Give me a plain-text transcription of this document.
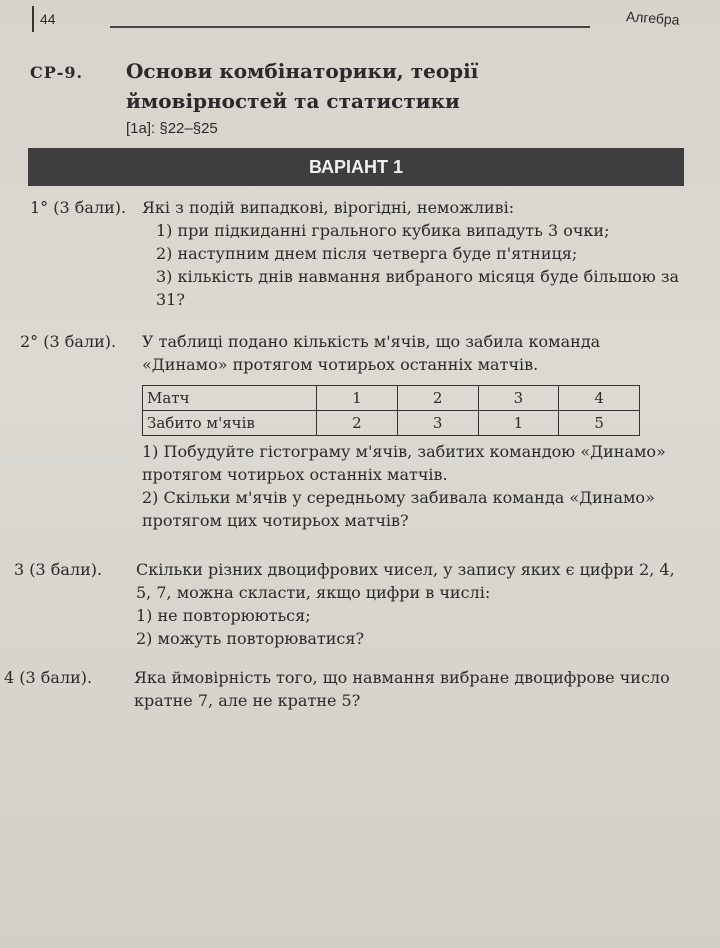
44	Алгебра
СР-9. Основи комбінаторики, теорії ймовірностей та статистики
[1а]: §22–§25
ВАРІАНТ 1
1° (3 бали). Які з подій випадкові, вірогідні, неможливі:
1) при підкиданні грального кубика випадуть 3 очки;
2) наступним днем після четверга буде п'ятниця;
3) кількість днів навмання вибраного місяця буде більшою за 31?
2° (3 бали). У таблиці подано кількість м'ячів, що забила команда «Динамо» протягом чотирьох останніх матчів.
Матч	1	2	3	4
Забито м'ячів	2	3	1	5
1) Побудуйте гістограму м'ячів, забитих командою «Динамо» протягом чотирьох останніх матчів.
2) Скільки м'ячів у середньому забивала команда «Динамо» протягом цих чотирьох матчів?
3 (3 бали). Скільки різних двоцифрових чисел, у запису яких є цифри 2, 4, 5, 7, можна скласти, якщо цифри в числі:
1) не повторюються;
2) можуть повторюватися?
4 (3 бали).	Яка ймовірність того, що навмання вибране двоцифрове число кратне 7, але не кратне 5?
